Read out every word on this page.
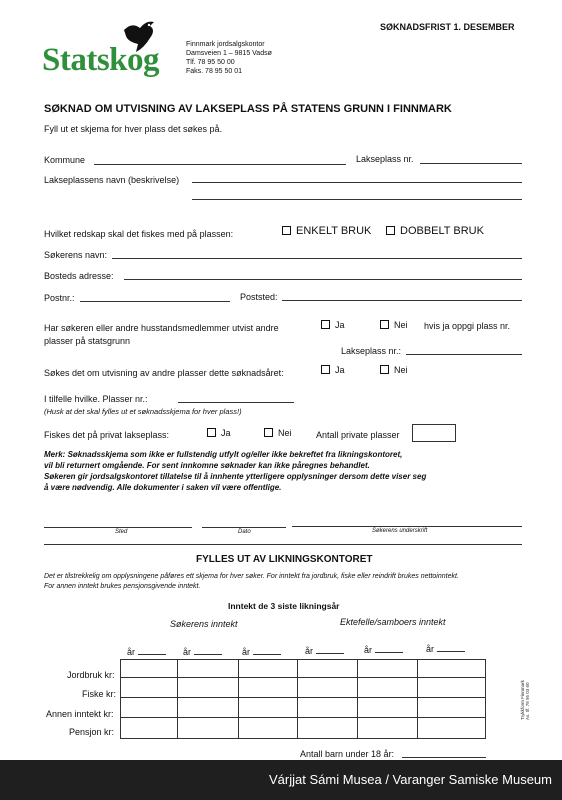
SØKNADSFRIST 1. DESEMBER
Statskog	Finnmark jordsalgskontor
Damsveien 1 – 9815 Vadsø
Tlf. 78 95 50 00
Faks. 78 95 50 01
SØKNAD OM UTVISNING AV LAKSEPLASS PÅ STATENS GRUNN I FINNMARK
Fyll ut et skjema for hver plass det søkes på.
Kommune	Lakseplass nr.
Lakseplassens navn (beskrivelse)
Hvilket redskap skal det fiskes med på plassen:	ENKELT BRUK	DOBBELT BRUK
Søkerens navn:
Bosteds adresse:
Postnr.:	Poststed:
Har søkeren eller andre husstandsmedlemmer utvist andre
plasser på statsgrunn
Ja	Nei hvis ja oppgi plass nr.
Lakseplass nr.:
Søkes det om utvisning av andre plasser dette søknadsåret:	Ja	Nei
I tilfelle hvilke. Plasser nr.:
(Husk at det skal fylles ut et søknadsskjema for hver plass!)
Fiskes det på privat lakseplass:	Ja	Nei	Antall private plasser
Merk: Søknadsskjema som ikke er fullstendig utfylt og/eller ikke bekreftet fra likningskontoret,
vil bli returnert omgående. For sent innkomne søknader kan ikke påregnes behandlet.
Søkeren gir jordsalgskontoret tillatelse til å innhente ytterligere opplysninger dersom dette viser seg
å være nødvendig. Alle dokumenter i saken vil være offentlige.
Sted	Dato	Søkerens underskrift
FYLLES UT AV LIKNINGSKONTORET
Det er tilstrekkelig om opplysningene påføres ett skjema for hver søker. For inntekt fra jordbruk, fiske eller reindrift brukes nettoinntekt.
For annen inntekt brukes pensjonsgivende inntekt.
Inntekt de 3 siste likningsår
Søkerens inntekt	Ektefelle/samboers inntekt
år	år	år	år	år	år
Jordbruk kr:
Fiske kr:
Annen inntekt kr:
Pensjon kr:
Antall barn under 18 år:
Trykkform Finnmark As. tlf. 78 95 03 60
Várjjat Sámi Musea / Varanger Samiske Museum
